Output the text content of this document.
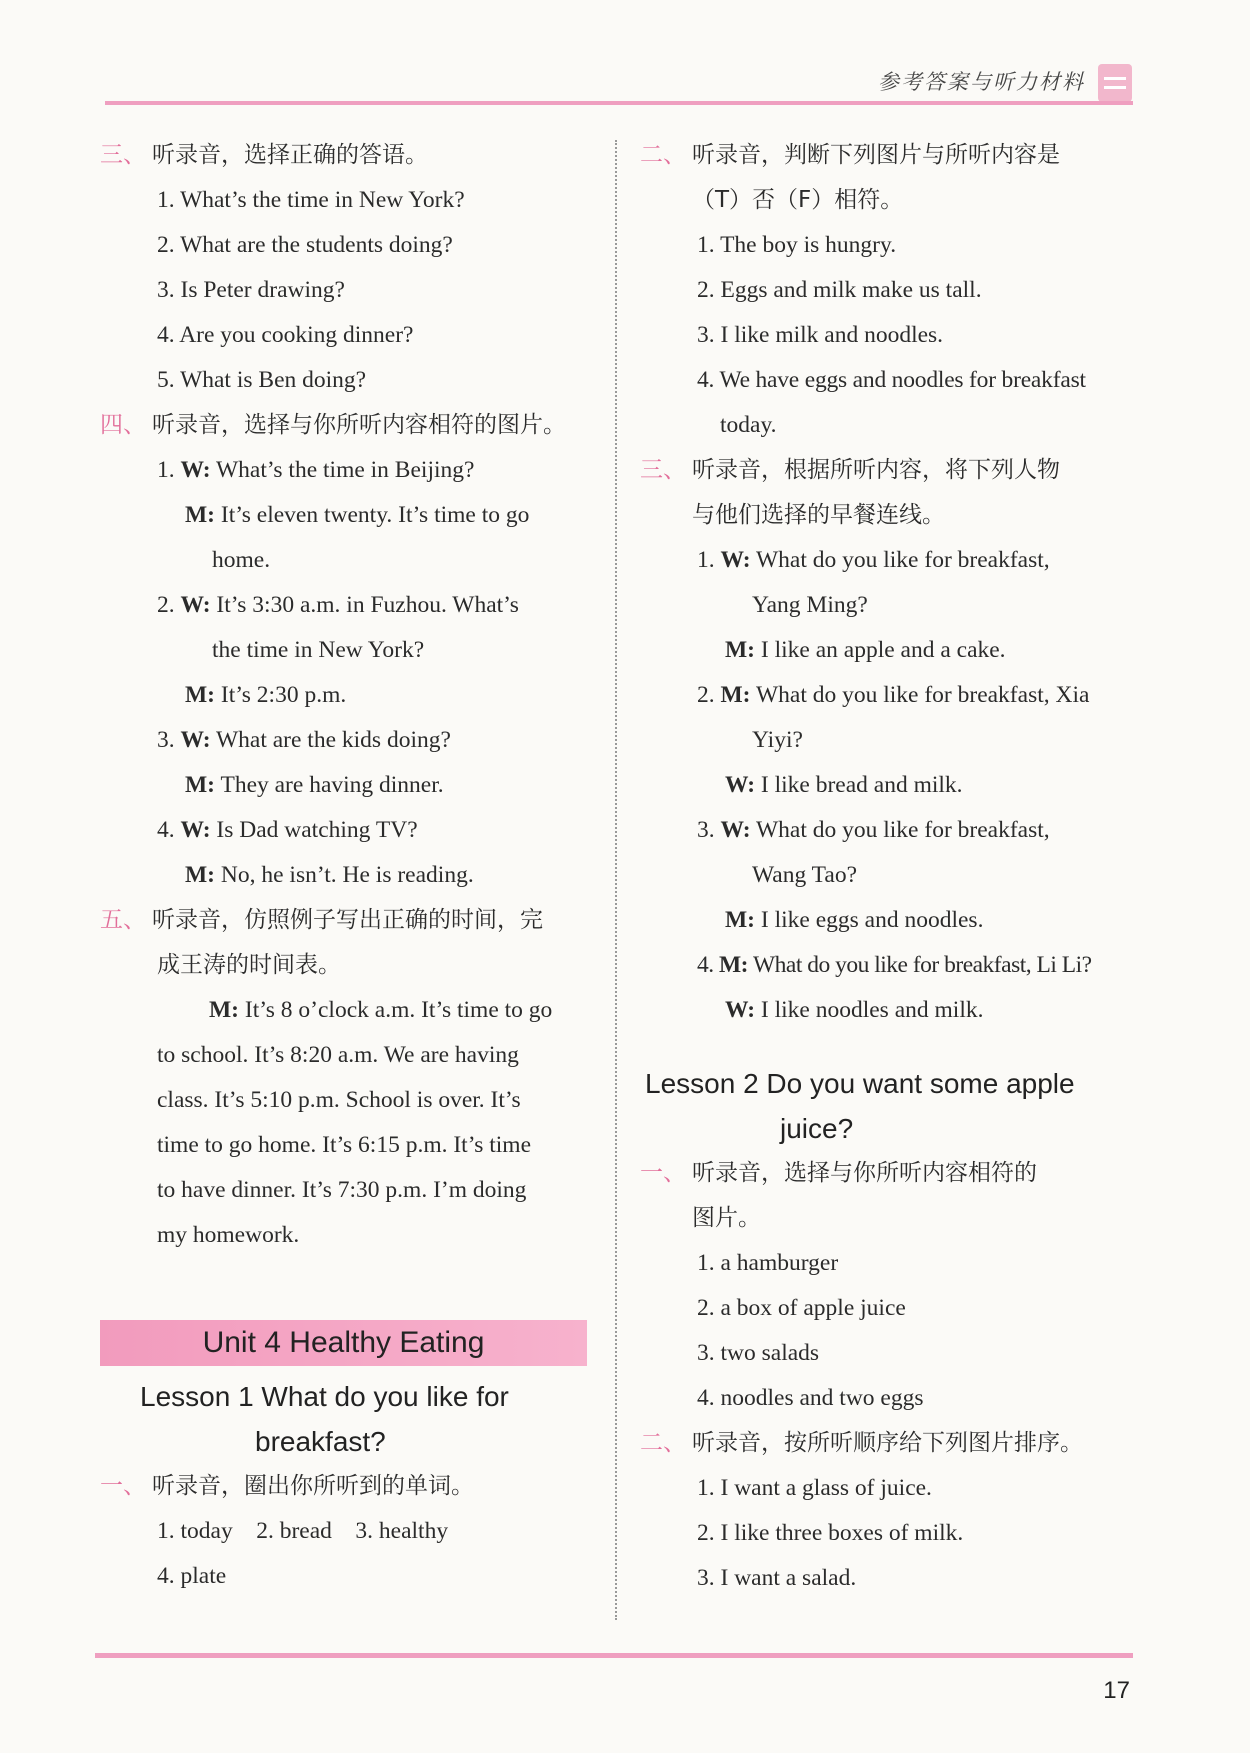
参考答案与听力材料
三、 听录音，选择正确的答语。
1. What’s the time in New York?
2. What are the students doing?
3. Is Peter drawing?
4. Are you cooking dinner?
5. What is Ben doing?
四、 听录音，选择与你所听内容相符的图片。
1. W: What’s the time in Beijing?
M: It’s eleven twenty. It’s time to go
home.
2. W: It’s 3:30 a.m. in Fuzhou. What’s
the time in New York?
M: It’s 2:30 p.m.
3. W: What are the kids doing?
M: They are having dinner.
4. W: Is Dad watching TV?
M: No, he isn’t. He is reading.
五、 听录音，仿照例子写出正确的时间，完
成王涛的时间表。
M: It’s 8 o’clock a.m. It’s time to go
to school. It’s 8:20 a.m. We are having
class. It’s 5:10 p.m. School is over. It’s
time to go home. It’s 6:15 p.m. It’s time
to have dinner. It’s 7:30 p.m. I’m doing
my homework.
Unit 4 Healthy Eating
Lesson 1 What do you like for
breakfast?
一、 听录音，圈出你所听到的单词。
1. today    2. bread    3. healthy
4. plate
二、 听录音，判断下列图片与所听内容是
（T）否（F）相符。
1. The boy is hungry.
2. Eggs and milk make us tall.
3. I like milk and noodles.
4. We have eggs and noodles for breakfast
today.
三、 听录音，根据所听内容，将下列人物
与他们选择的早餐连线。
1. W: What do you like for breakfast,
Yang Ming?
M: I like an apple and a cake.
2. M: What do you like for breakfast, Xia
Yiyi?
W: I like bread and milk.
3. W: What do you like for breakfast,
Wang Tao?
M: I like eggs and noodles.
4. M: What do you like for breakfast, Li Li?
W: I like noodles and milk.
Lesson 2 Do you want some apple
juice?
一、 听录音，选择与你所听内容相符的
图片。
1. a hamburger
2. a box of apple juice
3. two salads
4. noodles and two eggs
二、 听录音，按所听顺序给下列图片排序。
1. I want a glass of juice.
2. I like three boxes of milk.
3. I want a salad.
17
